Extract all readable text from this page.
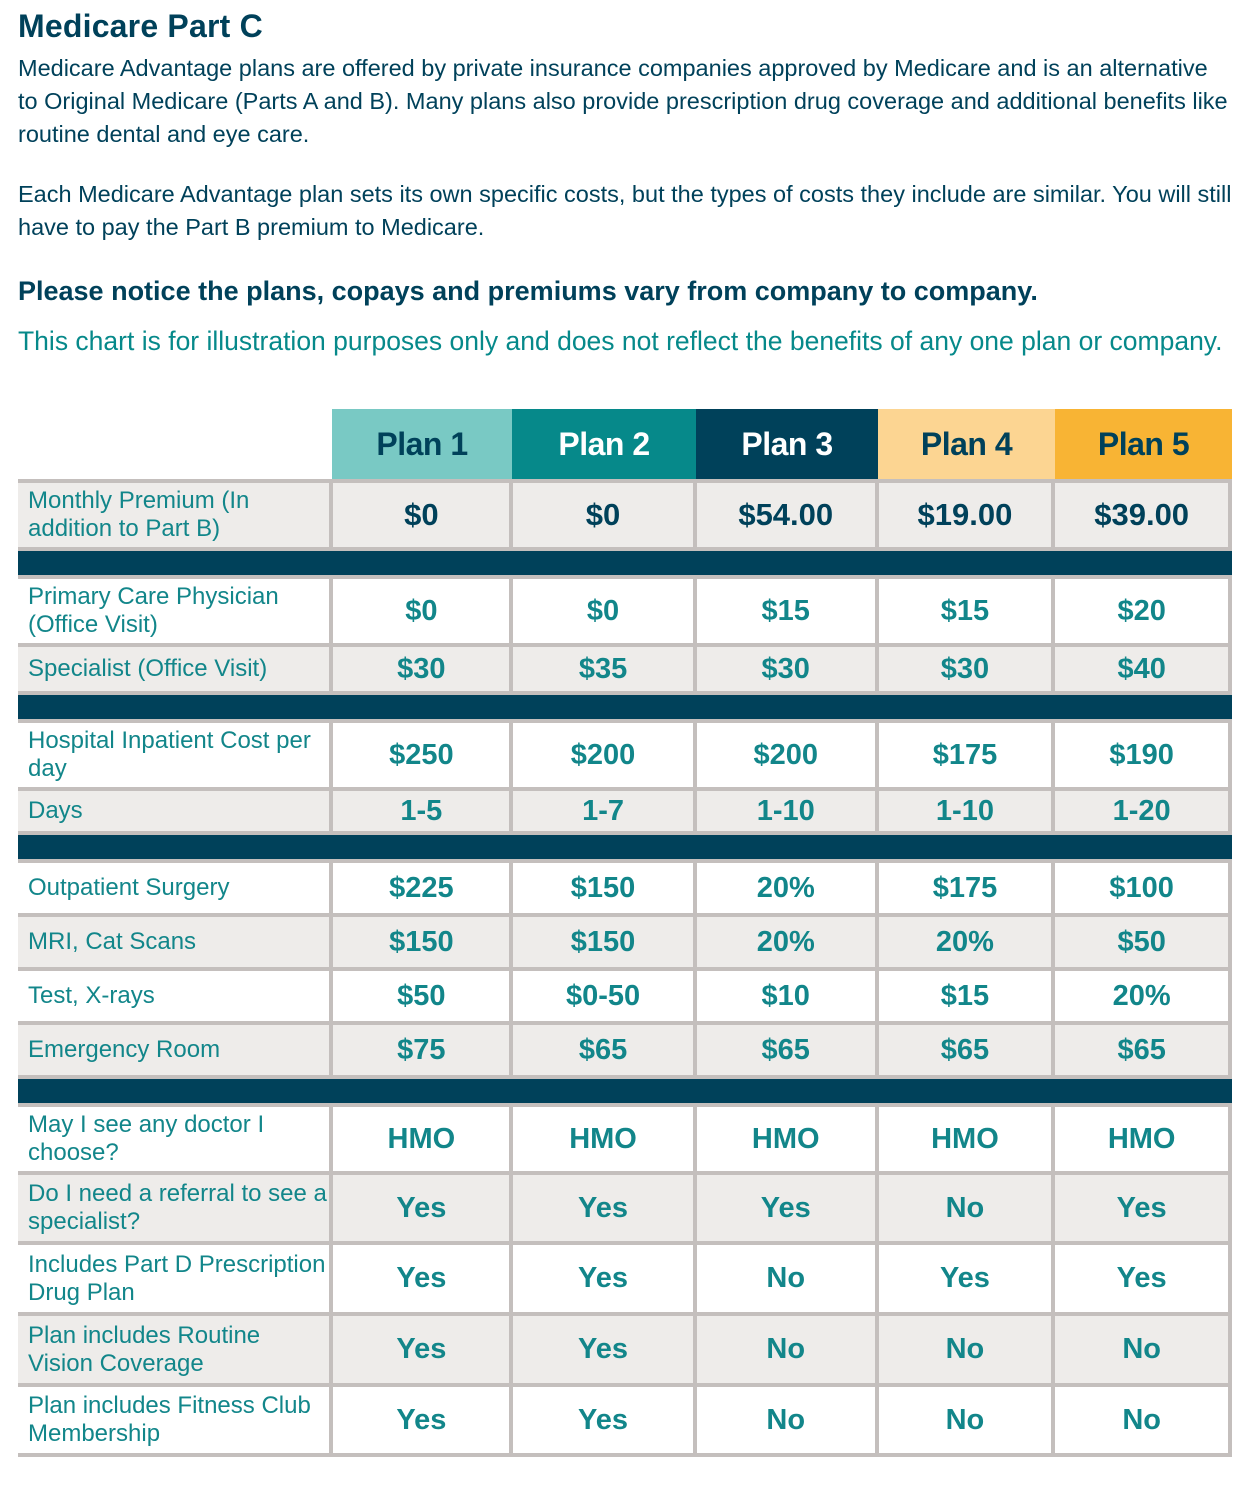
Medicare Part C
Medicare Advantage plans are offered by private insurance companies approved by Medicare and is an alternative to Original Medicare (Parts A and B). Many plans also provide prescription drug coverage and additional benefits like routine dental and eye care.
Each Medicare Advantage plan sets its own specific costs, but the types of costs they include are similar. You will still have to pay the Part B premium to Medicare.
Please notice the plans, copays and premiums vary from company to company.
This chart is for illustration purposes only and does not reflect the benefits of any one plan or company.
Plan 1	Plan 2	Plan 3	Plan 4	Plan 5
Monthly Premium (In addition to Part B)	$0	$0	$54.00	$19.00	$39.00
Primary Care Physician (Office Visit)	$0	$0	$15	$15	$20
Specialist (Office Visit)	$30	$35	$30	$30	$40
Hospital Inpatient Cost per day	$250	$200	$200	$175	$190
Days	1-5	1-7	1-10	1-10	1-20
Outpatient Surgery	$225	$150	20%	$175	$100
MRI, Cat Scans	$150	$150	20%	20%	$50
Test, X-rays	$50	$0-50	$10	$15	20%
Emergency Room	$75	$65	$65	$65	$65
May I see any doctor I choose?	HMO	HMO	HMO	HMO	HMO
Do I need a referral to see a specialist?	Yes	Yes	Yes	No	Yes
Includes Part D Prescription Drug Plan	Yes	Yes	No	Yes	Yes
Plan includes Routine Vision Coverage	Yes	Yes	No	No	No
Plan includes Fitness Club Membership	Yes	Yes	No	No	No
